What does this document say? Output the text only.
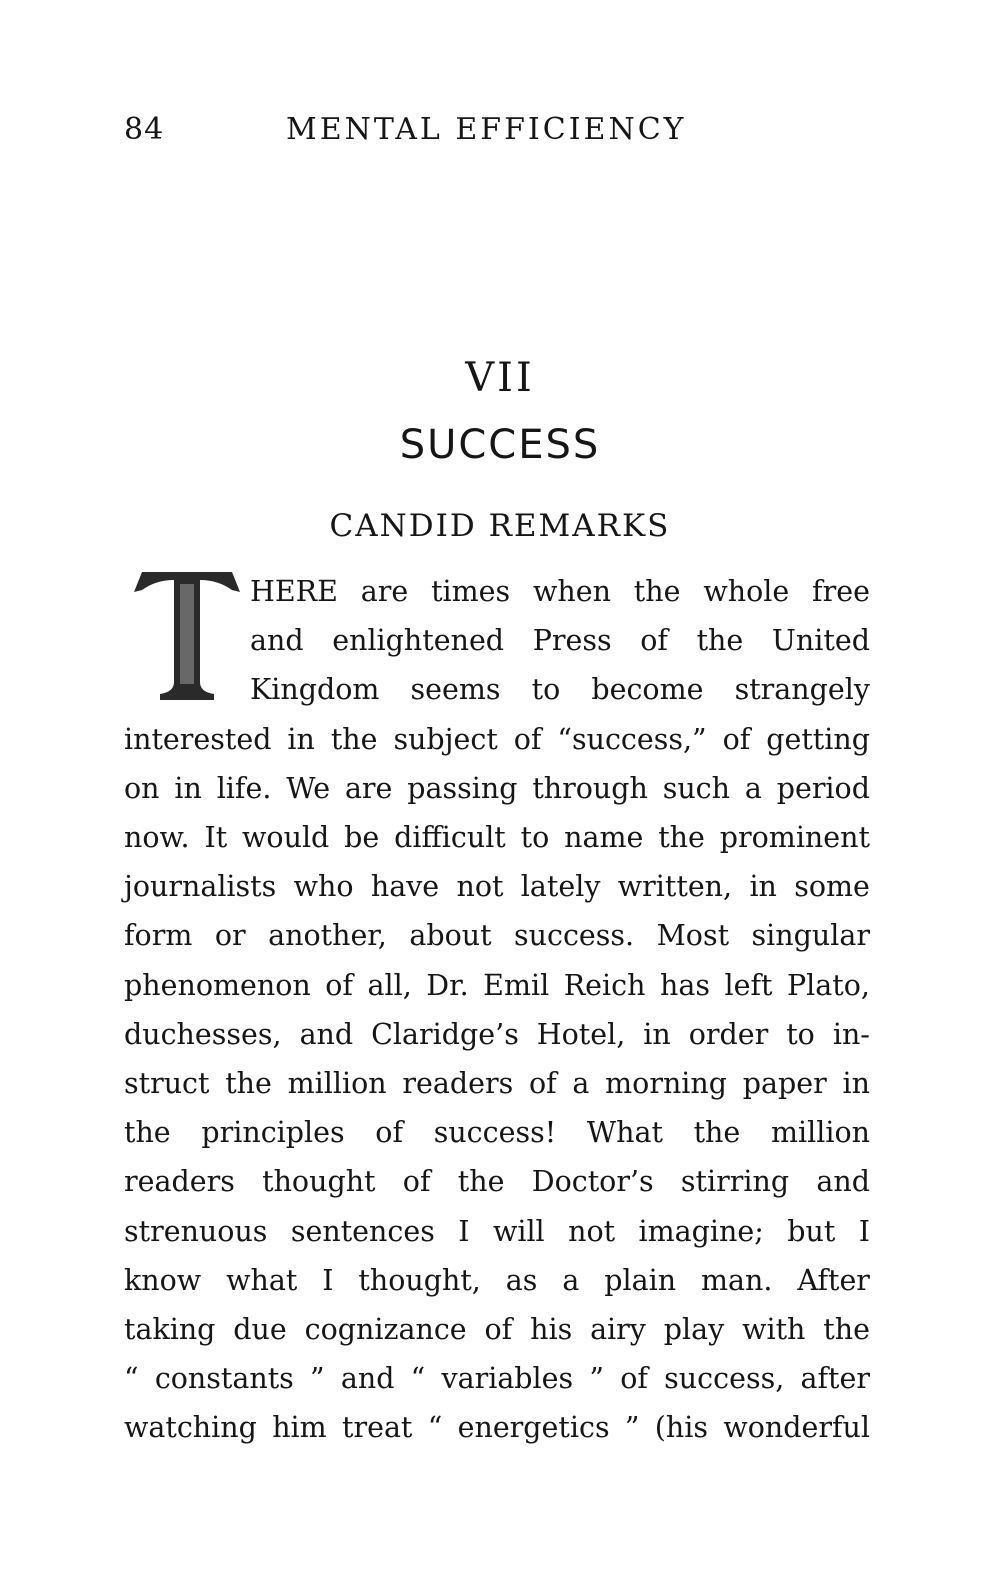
84	MENTAL EFFICIENCY
VII
SUCCESS
CANDID REMARKS
HERE are times when the whole free
and enlightened Press of the United
Kingdom seems to become strangely
interested in the subject of “success,” of getting
on in life. We are passing through such a period
now. It would be difficult to name the prominent
journalists who have not lately written, in some
form or another, about success. Most singular
phenomenon of all, Dr. Emil Reich has left Plato,
duchesses, and Claridge’s Hotel, in order to in-
struct the million readers of a morning paper in
the principles of success! What the million
readers thought of the Doctor’s stirring and
strenuous sentences I will not imagine; but I
know what I thought, as a plain man. After
taking due cognizance of his airy play with the
“ constants ” and “ variables ” of success, after
watching him treat “ energetics ” (his wonderful
